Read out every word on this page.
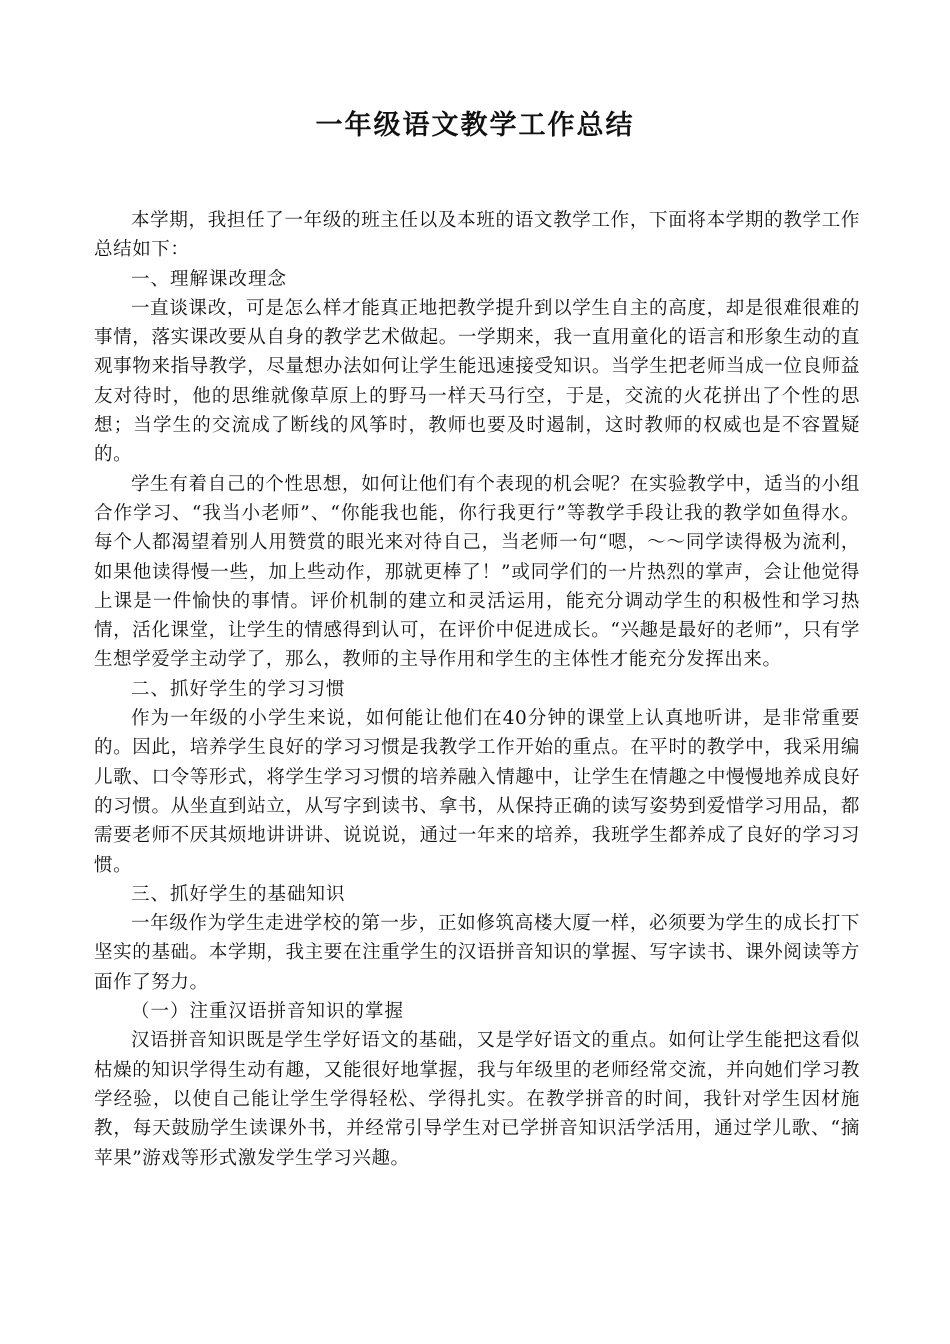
一年级语文教学工作总结

本学期，我担任了一年级的班主任以及本班的语文教学工作，下面将本学期的教学工作总结如下：

一、理解课改理念

一直谈课改，可是怎么样才能真正地把教学提升到以学生自主的高度，却是很难很难的事情，落实课改要从自身的教学艺术做起。一学期来，我一直用童化的语言和形象生动的直观事物来指导教学，尽量想办法如何让学生能迅速接受知识。当学生把老师当成一位良师益友对待时，他的思维就像草原上的野马一样天马行空，于是，交流的火花拼出了个性的思想；当学生的交流成了断线的风筝时，教师也要及时遏制，这时教师的权威也是不容置疑的。

学生有着自己的个性思想，如何让他们有个表现的机会呢？在实验教学中，适当的小组合作学习、“我当小老师”、“你能我也能，你行我更行”等教学手段让我的教学如鱼得水。每个人都渴望着别人用赞赏的眼光来对待自己，当老师一句“嗯，～～同学读得极为流利，如果他读得慢一些，加上些动作，那就更棒了！”或同学们的一片热烈的掌声，会让他觉得上课是一件愉快的事情。评价机制的建立和灵活运用，能充分调动学生的积极性和学习热情，活化课堂，让学生的情感得到认可，在评价中促进成长。“兴趣是最好的老师”，只有学生想学爱学主动学了，那么，教师的主导作用和学生的主体性才能充分发挥出来。

二、抓好学生的学习习惯

作为一年级的小学生来说，如何能让他们在40分钟的课堂上认真地听讲，是非常重要的。因此，培养学生良好的学习习惯是我教学工作开始的重点。在平时的教学中，我采用编儿歌、口令等形式，将学生学习习惯的培养融入情趣中，让学生在情趣之中慢慢地养成良好的习惯。从坐直到站立，从写字到读书、拿书，从保持正确的读写姿势到爱惜学习用品，都需要老师不厌其烦地讲讲讲、说说说，通过一年来的培养，我班学生都养成了良好的学习习惯。

三、抓好学生的基础知识

一年级作为学生走进学校的第一步，正如修筑高楼大厦一样，必须要为学生的成长打下坚实的基础。本学期，我主要在注重学生的汉语拼音知识的掌握、写字读书、课外阅读等方面作了努力。

（一）注重汉语拼音知识的掌握

汉语拼音知识既是学生学好语文的基础，又是学好语文的重点。如何让学生能把这看似枯燥的知识学得生动有趣，又能很好地掌握，我与年级里的老师经常交流，并向她们学习教学经验，以使自己能让学生学得轻松、学得扎实。在教学拼音的时间，我针对学生因材施教，每天鼓励学生读课外书，并经常引导学生对已学拼音知识活学活用，通过学儿歌、“摘苹果”游戏等形式激发学生学习兴趣。
